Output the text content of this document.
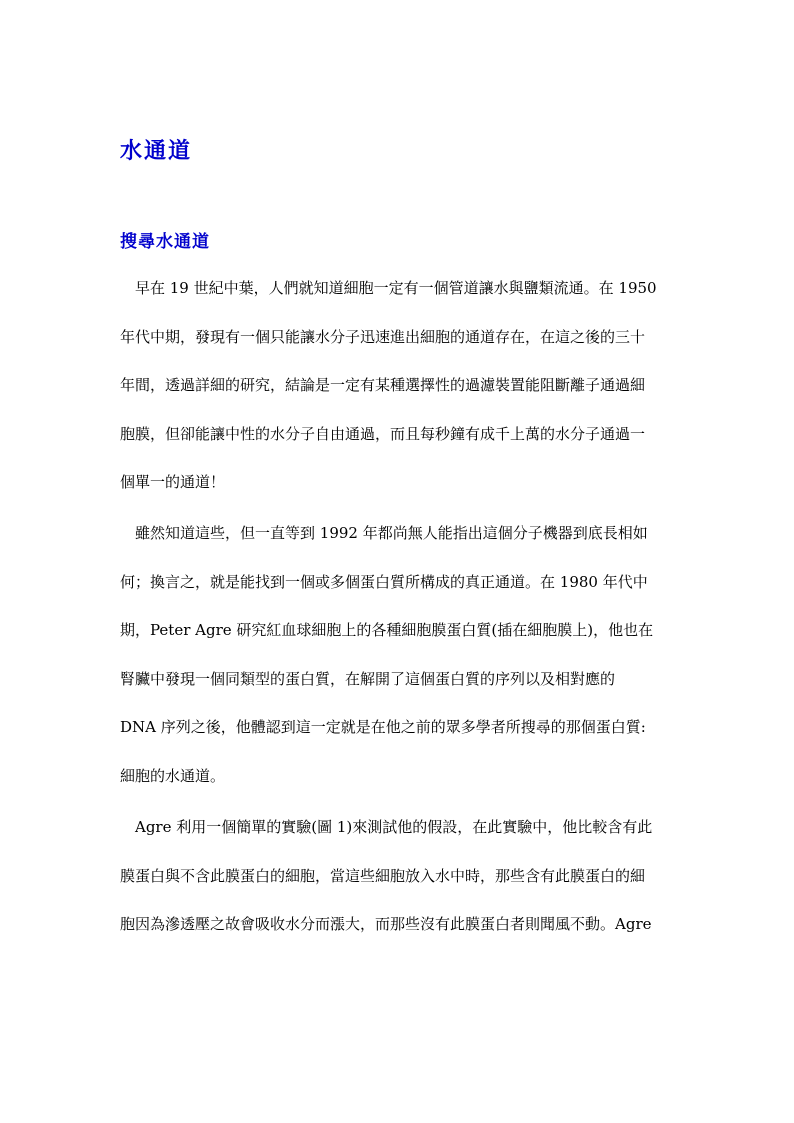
水通道
搜尋水通道
　早在 19 世紀中葉，人們就知道細胞一定有一個管道讓水與鹽類流通。在 1950
年代中期，發現有一個只能讓水分子迅速進出細胞的通道存在，在這之後的三十
年間，透過詳細的研究，結論是一定有某種選擇性的過濾裝置能阻斷離子通過細
胞膜，但卻能讓中性的水分子自由通過，而且每秒鐘有成千上萬的水分子通過一
個單一的通道！
　雖然知道這些，但一直等到 1992 年都尚無人能指出這個分子機器到底長相如
何；換言之，就是能找到一個或多個蛋白質所構成的真正通道。在 1980 年代中
期，Peter Agre 研究紅血球細胞上的各種細胞膜蛋白質(插在細胞膜上)，他也在
腎臟中發現一個同類型的蛋白質，在解開了這個蛋白質的序列以及相對應的
DNA 序列之後，他體認到這一定就是在他之前的眾多學者所搜尋的那個蛋白質:
細胞的水通道。
　Agre 利用一個簡單的實驗(圖 1)來測試他的假設，在此實驗中，他比較含有此
膜蛋白與不含此膜蛋白的細胞，當這些細胞放入水中時，那些含有此膜蛋白的細
胞因為滲透壓之故會吸收水分而漲大，而那些沒有此膜蛋白者則聞風不動。Agre
